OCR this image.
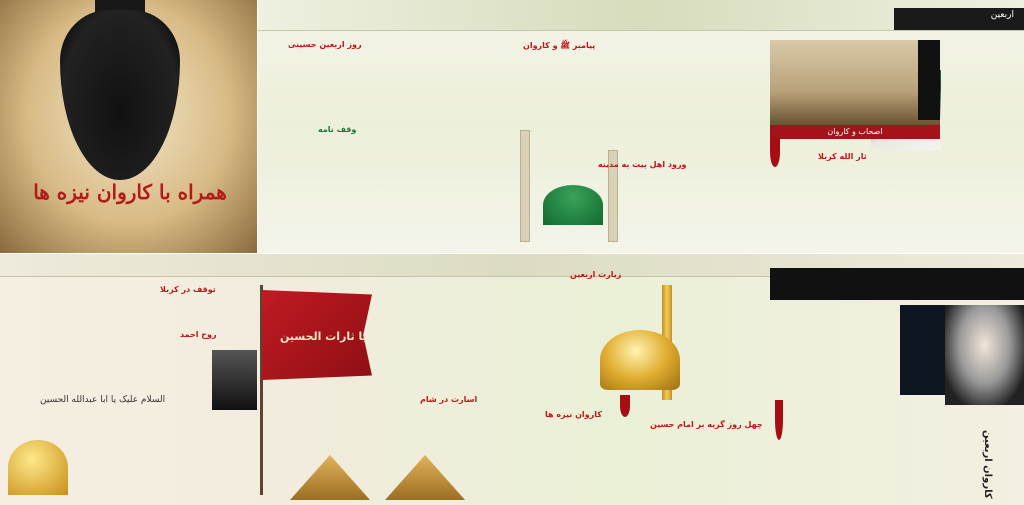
همراه با کاروان نیزه ها
اربعین
روز اربعین حسینی
وقف نامه
پیامبر ﷺ و کاروان
ورود اهل بیت به مدینه
اصحاب و کاروان
ثار الله کربلا
توقف در کربلا
روح احمد
السلام علیک یا ابا عبدالله الحسین
یا ثارات الحسین
اسارت در شام
زیارت اربعین
کاروان نیزه ها
چهل روز گریه بر امام حسین
کاروان اربعین
